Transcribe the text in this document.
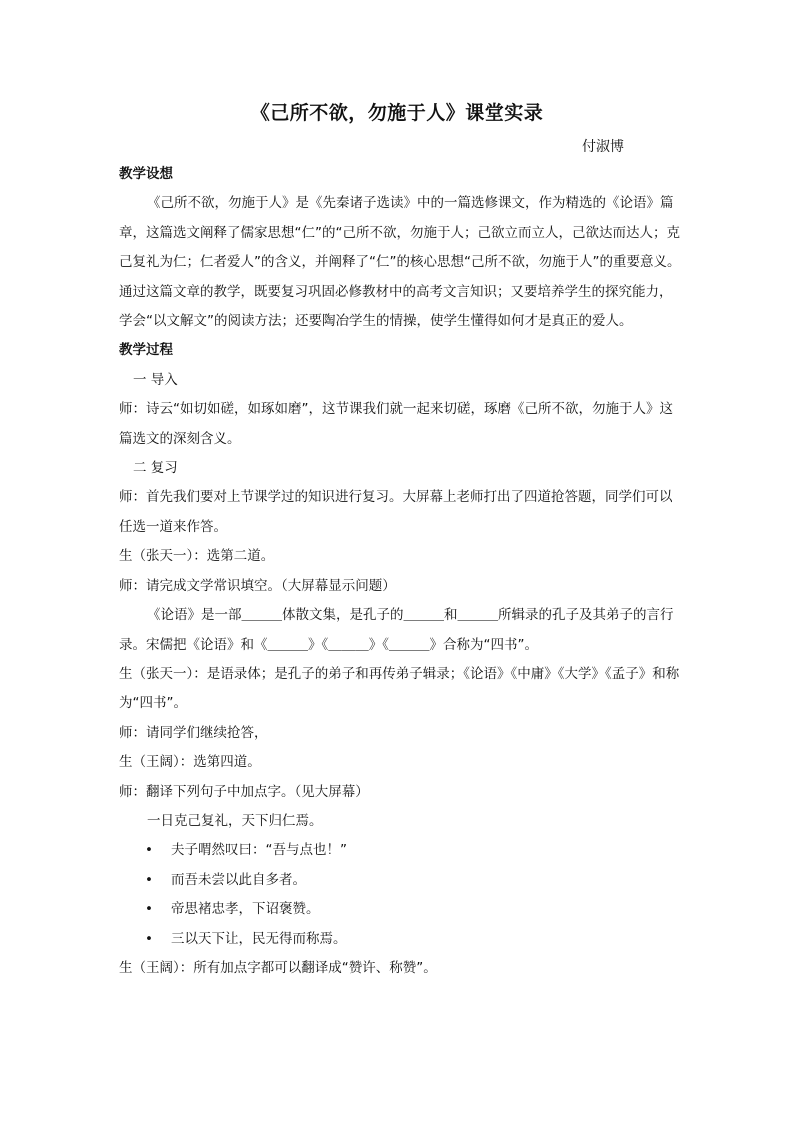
《己所不欲，勿施于人》课堂实录
付淑博

教学设想

《己所不欲，勿施于人》是《先秦诸子选读》中的一篇选修课文，作为精选的《论语》篇章，这篇选文阐释了儒家思想“仁”的“己所不欲，勿施于人；己欲立而立人，己欲达而达人；克己复礼为仁；仁者爱人”的含义，并阐释了“仁”的核心思想“己所不欲，勿施于人”的重要意义。通过这篇文章的教学，既要复习巩固必修教材中的高考文言知识；又要培养学生的探究能力，学会“以文解文”的阅读方法；还要陶冶学生的情操，使学生懂得如何才是真正的爱人。

教学过程

一 导入

师：诗云“如切如磋，如琢如磨”，这节课我们就一起来切磋，琢磨《己所不欲，勿施于人》这篇选文的深刻含义。

二 复习

师：首先我们要对上节课学过的知识进行复习。大屏幕上老师打出了四道抢答题，同学们可以任选一道来作答。

生（张天一）：选第二道。

师：请完成文学常识填空。（大屏幕显示问题）

《论语》是一部＿＿＿体散文集，是孔子的＿＿＿和＿＿＿所辑录的孔子及其弟子的言行录。宋儒把《论语》和《＿＿＿》《＿＿＿》《＿＿＿》合称为“四书”。

生（张天一）：是语录体；是孔子的弟子和再传弟子辑录；《论语》《中庸》《大学》《孟子》和称为“四书”。

师：请同学们继续抢答，

生（王阔）：选第四道。

师：翻译下列句子中加点字。（见大屏幕）

一日克己复礼，天下归仁焉。

• 夫子喟然叹曰：“吾与点也！”

• 而吾未尝以此自多者。

• 帝思褚忠孝，下诏褒赞。

• 三以天下让，民无得而称焉。

生（王阔）：所有加点字都可以翻译成“赞许、称赞”。
